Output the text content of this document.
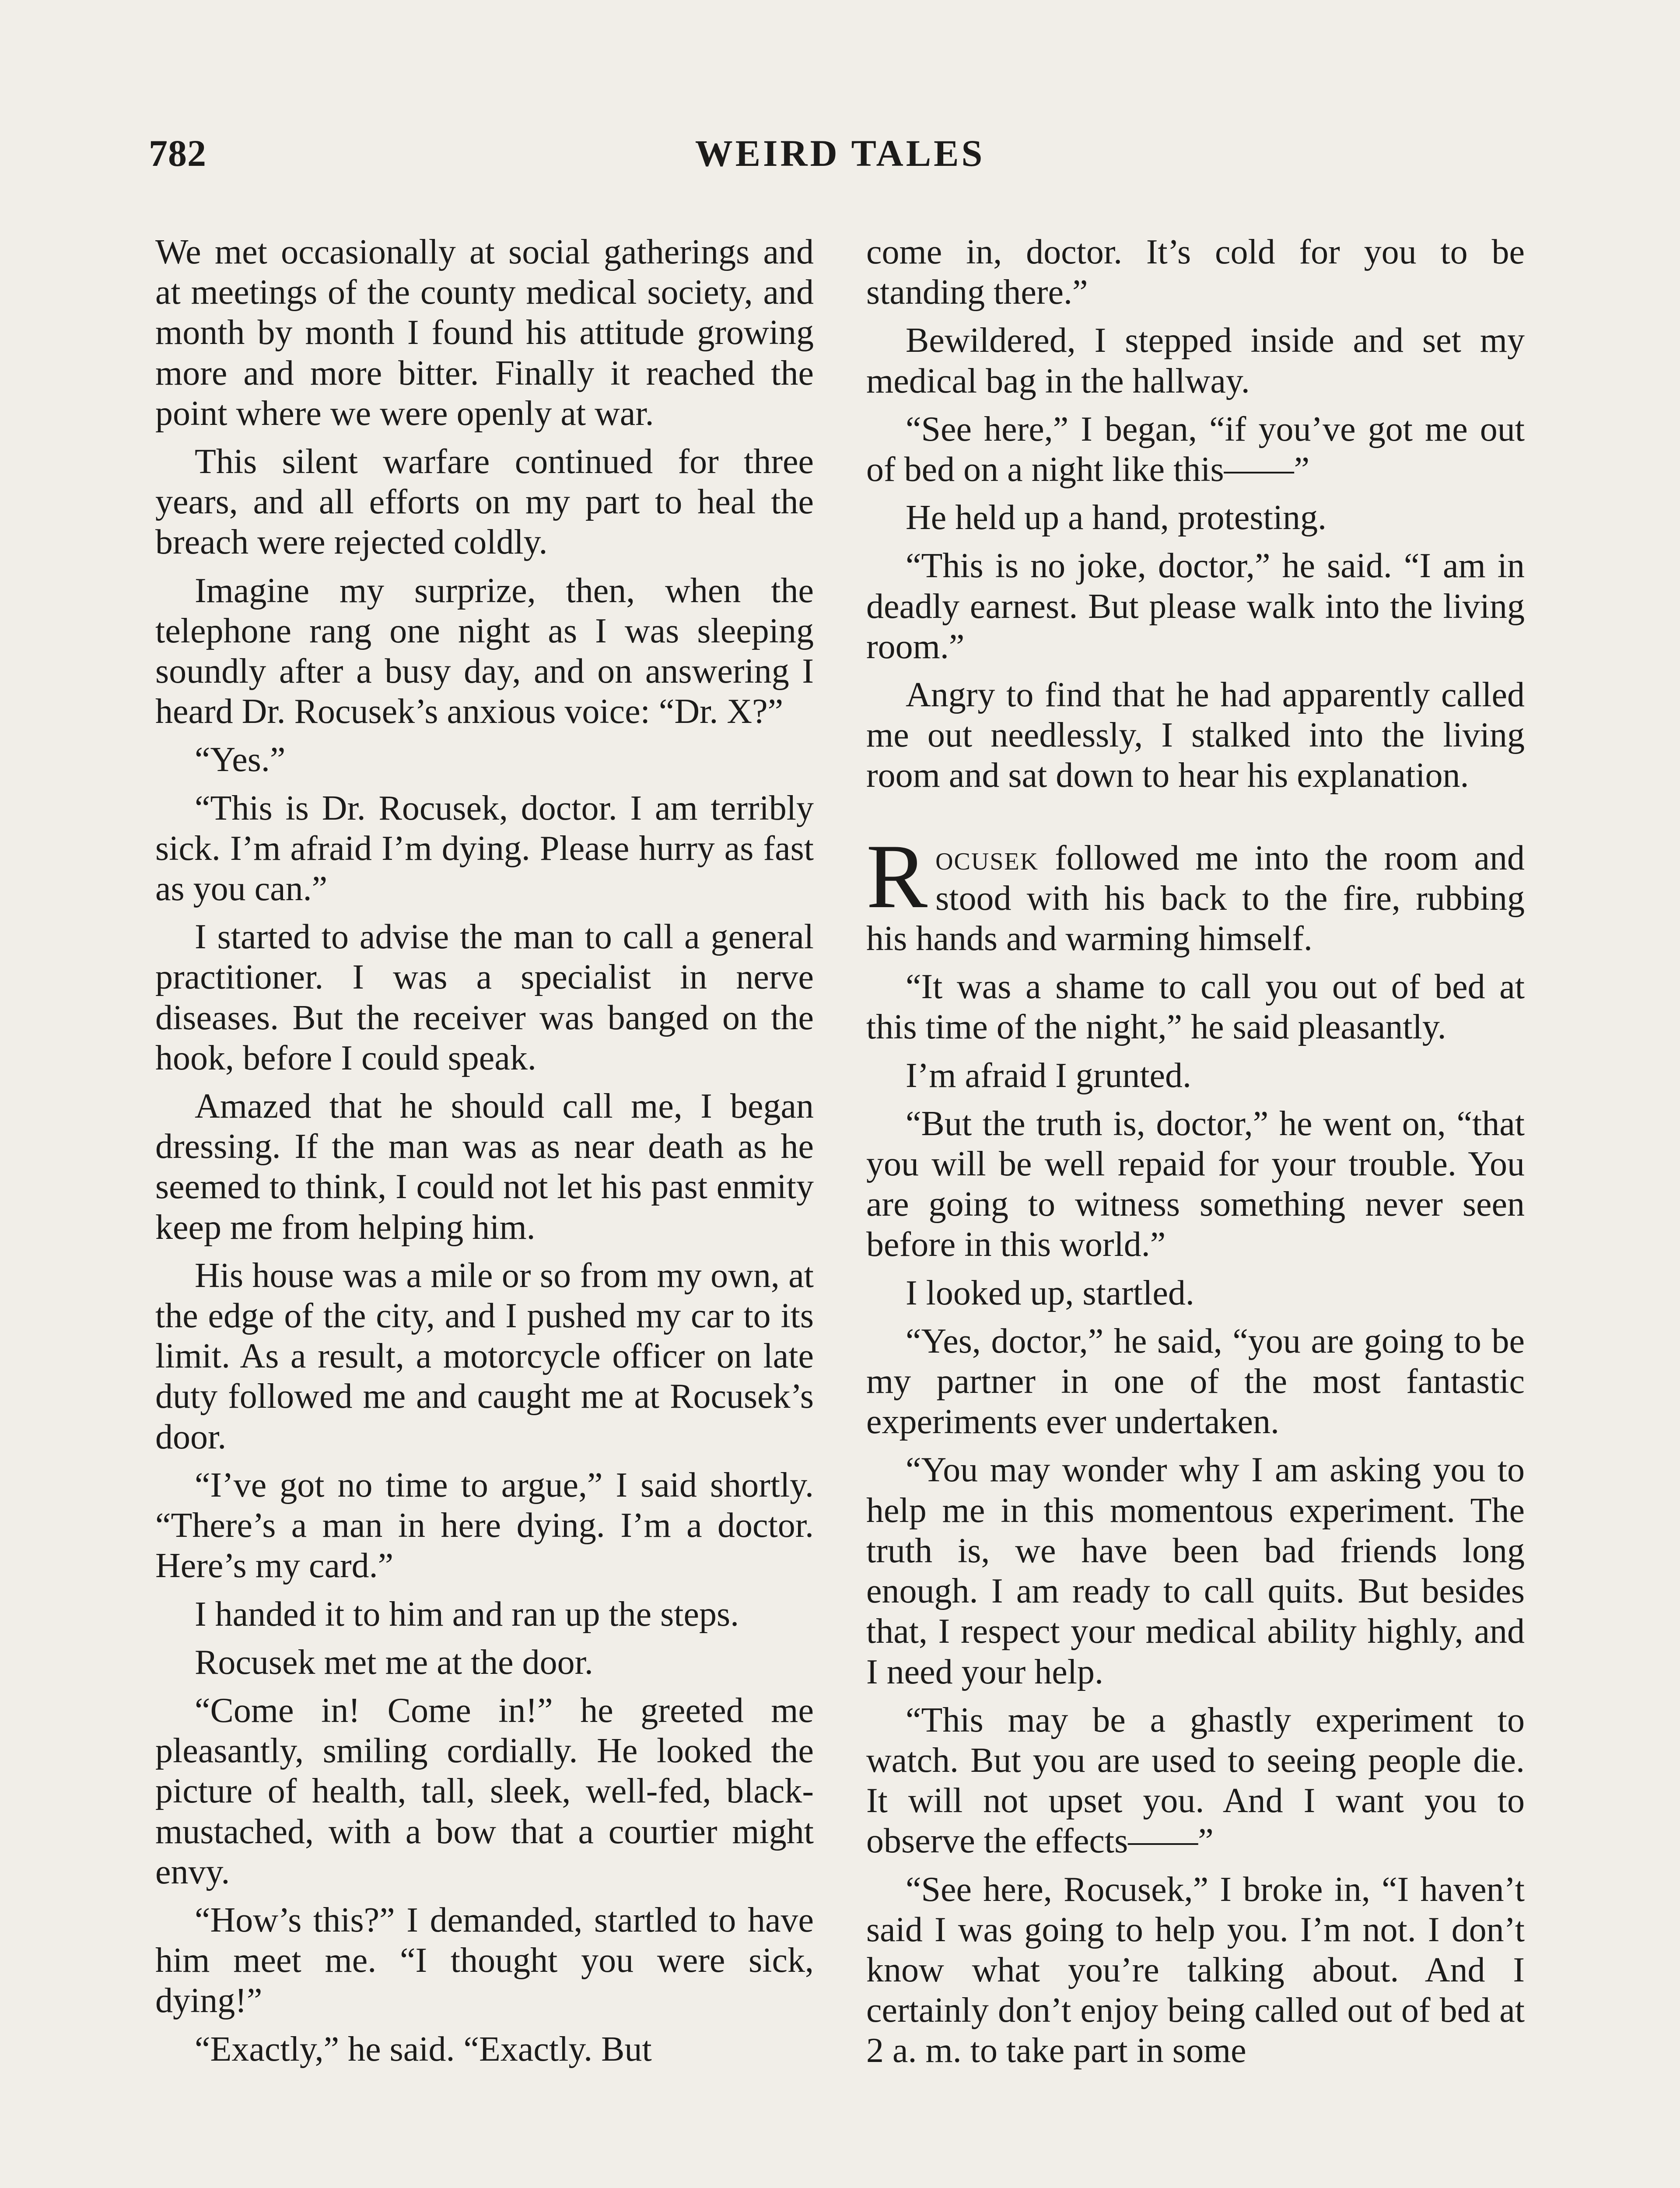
782	WEIRD TALES

We met occasionally at social gatherings and at meetings of the county medical society, and month by month I found his attitude growing more and more bitter. Finally it reached the point where we were openly at war.

This silent warfare continued for three years, and all efforts on my part to heal the breach were rejected coldly.

Imagine my surprize, then, when the telephone rang one night as I was sleeping soundly after a busy day, and on answering I heard Dr. Rocusek’s anxious voice: “Dr. X?”

“Yes.”

“This is Dr. Rocusek, doctor. I am terribly sick. I’m afraid I’m dying. Please hurry as fast as you can.”

I started to advise the man to call a general practitioner. I was a specialist in nerve diseases. But the receiver was banged on the hook, before I could speak.

Amazed that he should call me, I began dressing. If the man was as near death as he seemed to think, I could not let his past enmity keep me from helping him.

His house was a mile or so from my own, at the edge of the city, and I pushed my car to its limit. As a result, a motorcycle officer on late duty followed me and caught me at Rocusek’s door.

“I’ve got no time to argue,” I said shortly. “There’s a man in here dying. I’m a doctor. Here’s my card.”

I handed it to him and ran up the steps.

Rocusek met me at the door.

“Come in! Come in!” he greeted me pleasantly, smiling cordially. He looked the picture of health, tall, sleek, well-fed, black-mustached, with a bow that a courtier might envy.

“How’s this?” I demanded, startled to have him meet me. “I thought you were sick, dying!”

“Exactly,” he said. “Exactly. But

come in, doctor. It’s cold for you to be standing there.”

Bewildered, I stepped inside and set my medical bag in the hallway.

“See here,” I began, “if you’ve got me out of bed on a night like this——”

He held up a hand, protesting.

“This is no joke, doctor,” he said. “I am in deadly earnest. But please walk into the living room.”

Angry to find that he had apparently called me out needlessly, I stalked into the living room and sat down to hear his explanation.

Rocusek followed me into the room and stood with his back to the fire, rubbing his hands and warming himself.

“It was a shame to call you out of bed at this time of the night,” he said pleasantly.

I’m afraid I grunted.

“But the truth is, doctor,” he went on, “that you will be well repaid for your trouble. You are going to witness something never seen before in this world.”

I looked up, startled.

“Yes, doctor,” he said, “you are going to be my partner in one of the most fantastic experiments ever undertaken.

“You may wonder why I am asking you to help me in this momentous experiment. The truth is, we have been bad friends long enough. I am ready to call quits. But besides that, I respect your medical ability highly, and I need your help.

“This may be a ghastly experiment to watch. But you are used to seeing people die. It will not upset you. And I want you to observe the effects——”

“See here, Rocusek,” I broke in, “I haven’t said I was going to help you. I’m not. I don’t know what you’re talking about. And I certainly don’t enjoy being called out of bed at 2 a. m. to take part in some
